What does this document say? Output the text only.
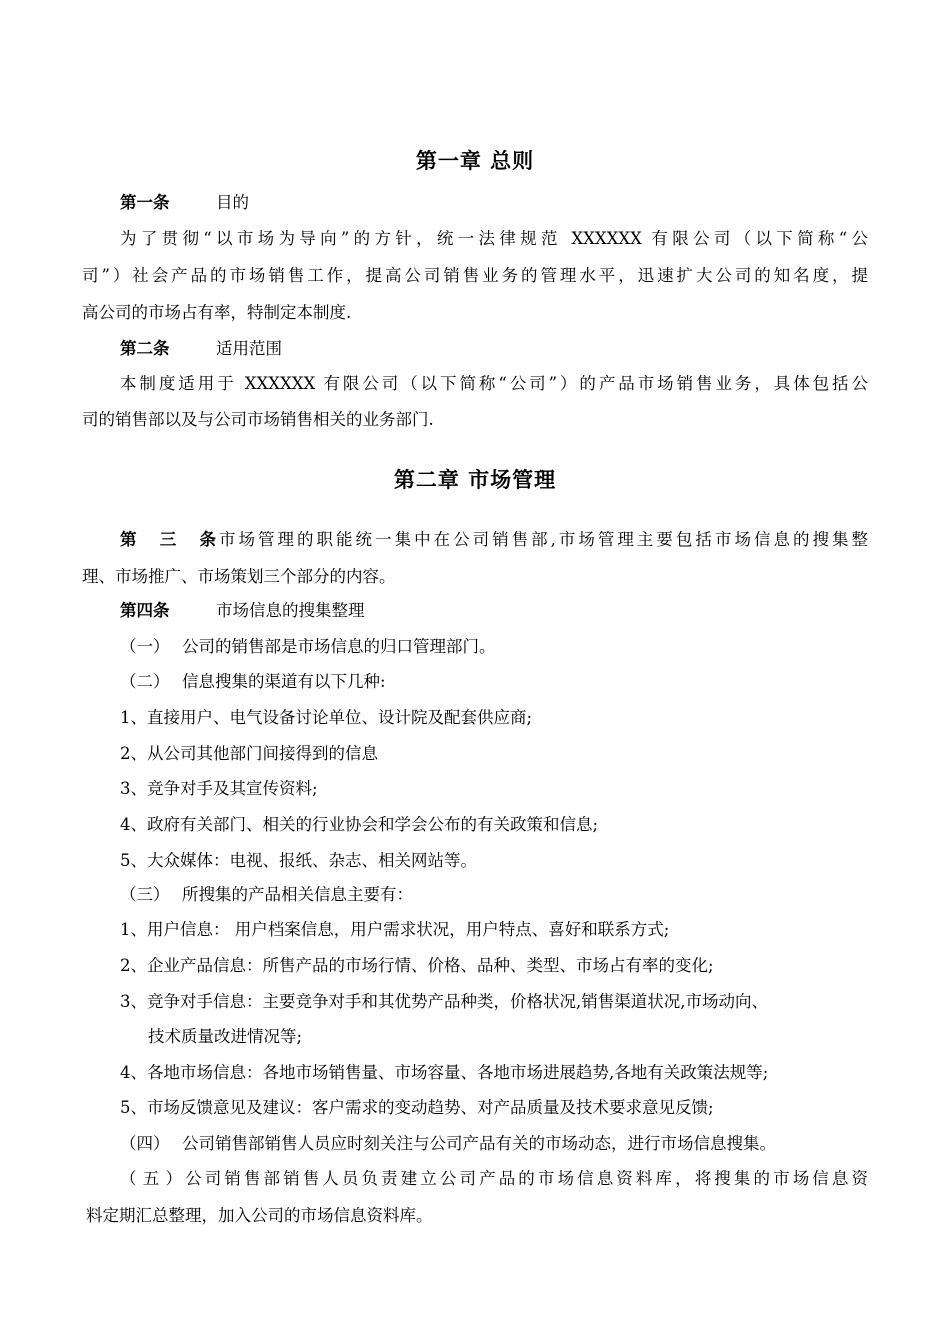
第一章 总则
第一条	目的
为了贯彻“以市场为导向”的方针，统一法律规范 XXXXXX 有限公司（以下简称“公
司”）社会产品的市场销售工作，提高公司销售业务的管理水平，迅速扩大公司的知名度，提
高公司的市场占有率，特制定本制度.
第二条	适用范围
本制度适用于 XXXXXX 有限公司（以下简称“公司”）的产品市场销售业务，具体包括公
司的销售部以及与公司市场销售相关的业务部门.
第二章 市场管理
第三条市场管理的职能统一集中在公司销售部,市场管理主要包括市场信息的搜集整
理、市场推广、市场策划三个部分的内容。
第四条	市场信息的搜集整理
（一） 公司的销售部是市场信息的归口管理部门。
（二） 信息搜集的渠道有以下几种:
1、直接用户、电气设备讨论单位、设计院及配套供应商;
2、从公司其他部门间接得到的信息
3、竞争对手及其宣传资料;
4、政府有关部门、相关的行业协会和学会公布的有关政策和信息;
5、大众媒体：电视、报纸、杂志、相关网站等。
（三） 所搜集的产品相关信息主要有：
1、用户信息： 用户档案信息，用户需求状况，用户特点、喜好和联系方式;
2、企业产品信息：所售产品的市场行情、价格、品种、类型、市场占有率的变化;
3、竞争对手信息：主要竞争对手和其优势产品种类，价格状况,销售渠道状况,市场动向、
技术质量改进情况等;
4、各地市场信息：各地市场销售量、市场容量、各地市场进展趋势,各地有关政策法规等;
5、市场反馈意见及建议：客户需求的变动趋势、对产品质量及技术要求意见反馈;
（四） 公司销售部销售人员应时刻关注与公司产品有关的市场动态，进行市场信息搜集。
（五）公司销售部销售人员负责建立公司产品的市场信息资料库，将搜集的市场信息资
料定期汇总整理，加入公司的市场信息资料库。
